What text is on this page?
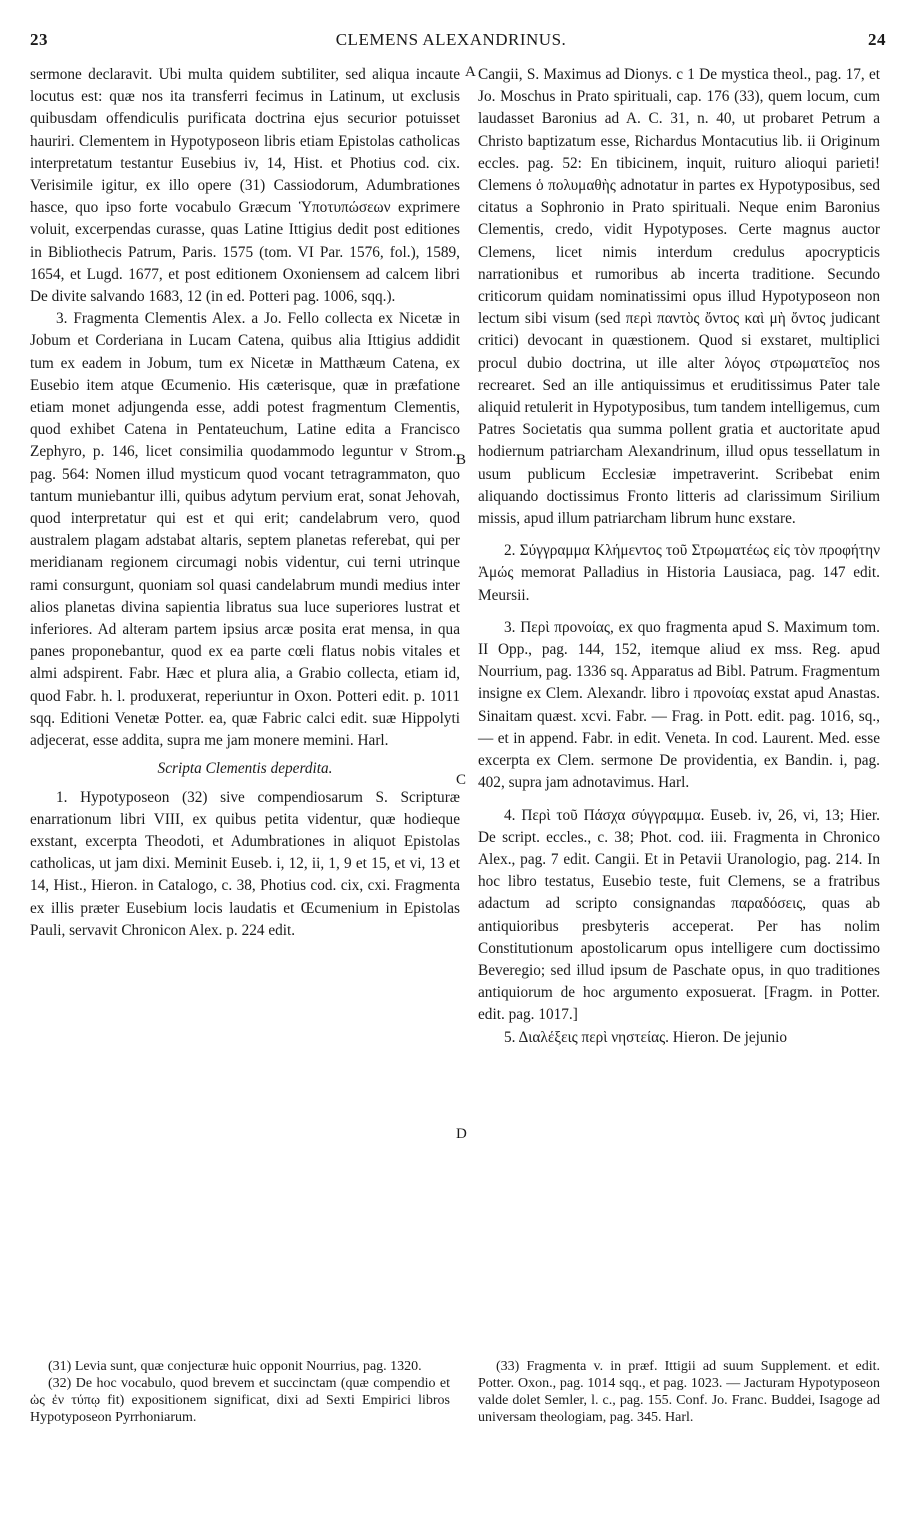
23	CLEMENS ALEXANDRINUS.	24
A
B
C
D

sermone declaravit. Ubi multa quidem subtiliter, sed aliqua incaute locutus est: quæ nos ita transferri fecimus in Latinum, ut exclusis quibusdam offendiculis purificata doctrina ejus securior potuisset hauriri. Clementem in Hypotyposeon libris etiam Epistolas catholicas interpretatum testantur Eusebius iv, 14, Hist. et Photius cod. cix. Verisimile igitur, ex illo opere (31) Cassiodorum, Adumbrationes hasce, quo ipso forte vocabulo Græcum Ὑποτυπώσεων exprimere voluit, excerpendas curasse, quas Latine Ittigius dedit post editiones in Bibliothecis Patrum, Paris. 1575 (tom. VI Par. 1576, fol.), 1589, 1654, et Lugd. 1677, et post editionem Oxoniensem ad calcem libri De divite salvando 1683, 12 (in ed. Potteri pag. 1006, sqq.).

3. Fragmenta Clementis Alex. a Jo. Fello collecta ex Nicetæ in Jobum et Corderiana in Lucam Catena, quibus alia Ittigius addidit tum ex eadem in Jobum, tum ex Nicetæ in Matthæum Catena, ex Eusebio item atque Œcumenio. His cæterisque, quæ in præfatione etiam monet adjungenda esse, addi potest fragmentum Clementis, quod exhibet Catena in Pentateuchum, Latine edita a Francisco Zephyro, p. 146, licet consimilia quodammodo leguntur v Strom., pag. 564: Nomen illud mysticum quod vocant tetragrammaton, quo tantum muniebantur illi, quibus adytum pervium erat, sonat Jehovah, quod interpretatur qui est et qui erit; candelabrum vero, quod australem plagam adstabat altaris, septem planetas referebat, qui per meridianam regionem circumagi nobis videntur, cui terni utrinque rami consurgunt, quoniam sol quasi candelabrum mundi medius inter alios planetas divina sapientia libratus sua luce superiores lustrat et inferiores. Ad alteram partem ipsius arcæ posita erat mensa, in qua panes proponebantur, quod ex ea parte cœli flatus nobis vitales et almi adspirent. Fabr. Hæc et plura alia, a Grabio collecta, etiam id, quod Fabr. h. l. produxerat, reperiuntur in Oxon. Potteri edit. p. 1011 sqq. Editioni Venetæ Potter. ea, quæ Fabric calci edit. suæ Hippolyti adjecerat, esse addita, supra me jam monere memini. Harl.

Scripta Clementis deperdita.

1. Hypotyposeon (32) sive compendiosarum S. Scripturæ enarrationum libri VIII, ex quibus petita videntur, quæ hodieque exstant, excerpta Theodoti, et Adumbrationes in aliquot Epistolas catholicas, ut jam dixi. Meminit Euseb. i, 12, ii, 1, 9 et 15, et vi, 13 et 14, Hist., Hieron. in Catalogo, c. 38, Photius cod. cix, cxi. Fragmenta ex illis præter Eusebium locis laudatis et Œcumenium in Epistolas Pauli, servavit Chronicon Alex. p. 224 edit.

Cangii, S. Maximus ad Dionys. c 1 De mystica theol., pag. 17, et Jo. Moschus in Prato spirituali, cap. 176 (33), quem locum, cum laudasset Baronius ad A. C. 31, n. 40, ut probaret Petrum a Christo baptizatum esse, Richardus Montacutius lib. ii Originum eccles. pag. 52: En tibicinem, inquit, ruituro alioqui parieti! Clemens ὁ πολυμαθὴς adnotatur in partes ex Hypotyposibus, sed citatus a Sophronio in Prato spirituali. Neque enim Baronius Clementis, credo, vidit Hypotyposes. Certe magnus auctor Clemens, licet nimis interdum credulus apocrypticis narrationibus et rumoribus ab incerta traditione. Secundo criticorum quidam nominatissimi opus illud Hypotyposeon non lectum sibi visum (sed περὶ παντὸς ὄντος καὶ μὴ ὄντος judicant critici) devocant in quæstionem. Quod si exstaret, multiplici procul dubio doctrina, ut ille alter λόγος στρωματεῖος nos recrearet. Sed an ille antiquissimus et eruditissimus Pater tale aliquid retulerit in Hypotyposibus, tum tandem intelligemus, cum Patres Societatis qua summa pollent gratia et auctoritate apud hodiernum patriarcham Alexandrinum, illud opus tessellatum in usum publicum Ecclesiæ impetraverint. Scribebat enim aliquando doctissimus Fronto litteris ad clarissimum Sirilium missis, apud illum patriarcham librum hunc exstare.

2. Σύγγραμμα Κλήμεντος τοῦ Στρωματέως εἰς τὸν προφήτην Ἀμώς memorat Palladius in Historia Lausiaca, pag. 147 edit. Meursii.

3. Περὶ προνοίας, ex quo fragmenta apud S. Maximum tom. II Opp., pag. 144, 152, itemque aliud ex mss. Reg. apud Nourrium, pag. 1336 sq. Apparatus ad Bibl. Patrum. Fragmentum insigne ex Clem. Alexandr. libro i προνοίας exstat apud Anastas. Sinaitam quæst. xcvi. Fabr. — Frag. in Pott. edit. pag. 1016, sq., — et in append. Fabr. in edit. Veneta. In cod. Laurent. Med. esse excerpta ex Clem. sermone De providentia, ex Bandin. i, pag. 402, supra jam adnotavimus. Harl.

4. Περὶ τοῦ Πάσχα σύγγραμμα. Euseb. iv, 26, vi, 13; Hier. De script. eccles., c. 38; Phot. cod. iii. Fragmenta in Chronico Alex., pag. 7 edit. Cangii. Et in Petavii Uranologio, pag. 214. In hoc libro testatus, Eusebio teste, fuit Clemens, se a fratribus adactum ad scripto consignandas παραδόσεις, quas ab antiquioribus presbyteris acceperat. Per has nolim Constitutionum apostolicarum opus intelligere cum doctissimo Beveregio; sed illud ipsum de Paschate opus, in quo traditiones antiquiorum de hoc argumento exposuerat. [Fragm. in Potter. edit. pag. 1017.]

5. Διαλέξεις περὶ νηστείας. Hieron. De jejunio

(31) Levia sunt, quæ conjecturæ huic opponit Nourrius, pag. 1320.

(32) De hoc vocabulo, quod brevem et succinctam (quæ compendio et ὡς ἐν τύπῳ fit) expositionem significat, dixi ad Sexti Empirici libros Hypotyposeon Pyrrhoniarum.

(33) Fragmenta v. in præf. Ittigii ad suum Supplement. et edit. Potter. Oxon., pag. 1014 sqq., et pag. 1023. — Jacturam Hypotyposeon valde dolet Semler, l. c., pag. 155. Conf. Jo. Franc. Buddei, Isagoge ad universam theologiam, pag. 345. Harl.
